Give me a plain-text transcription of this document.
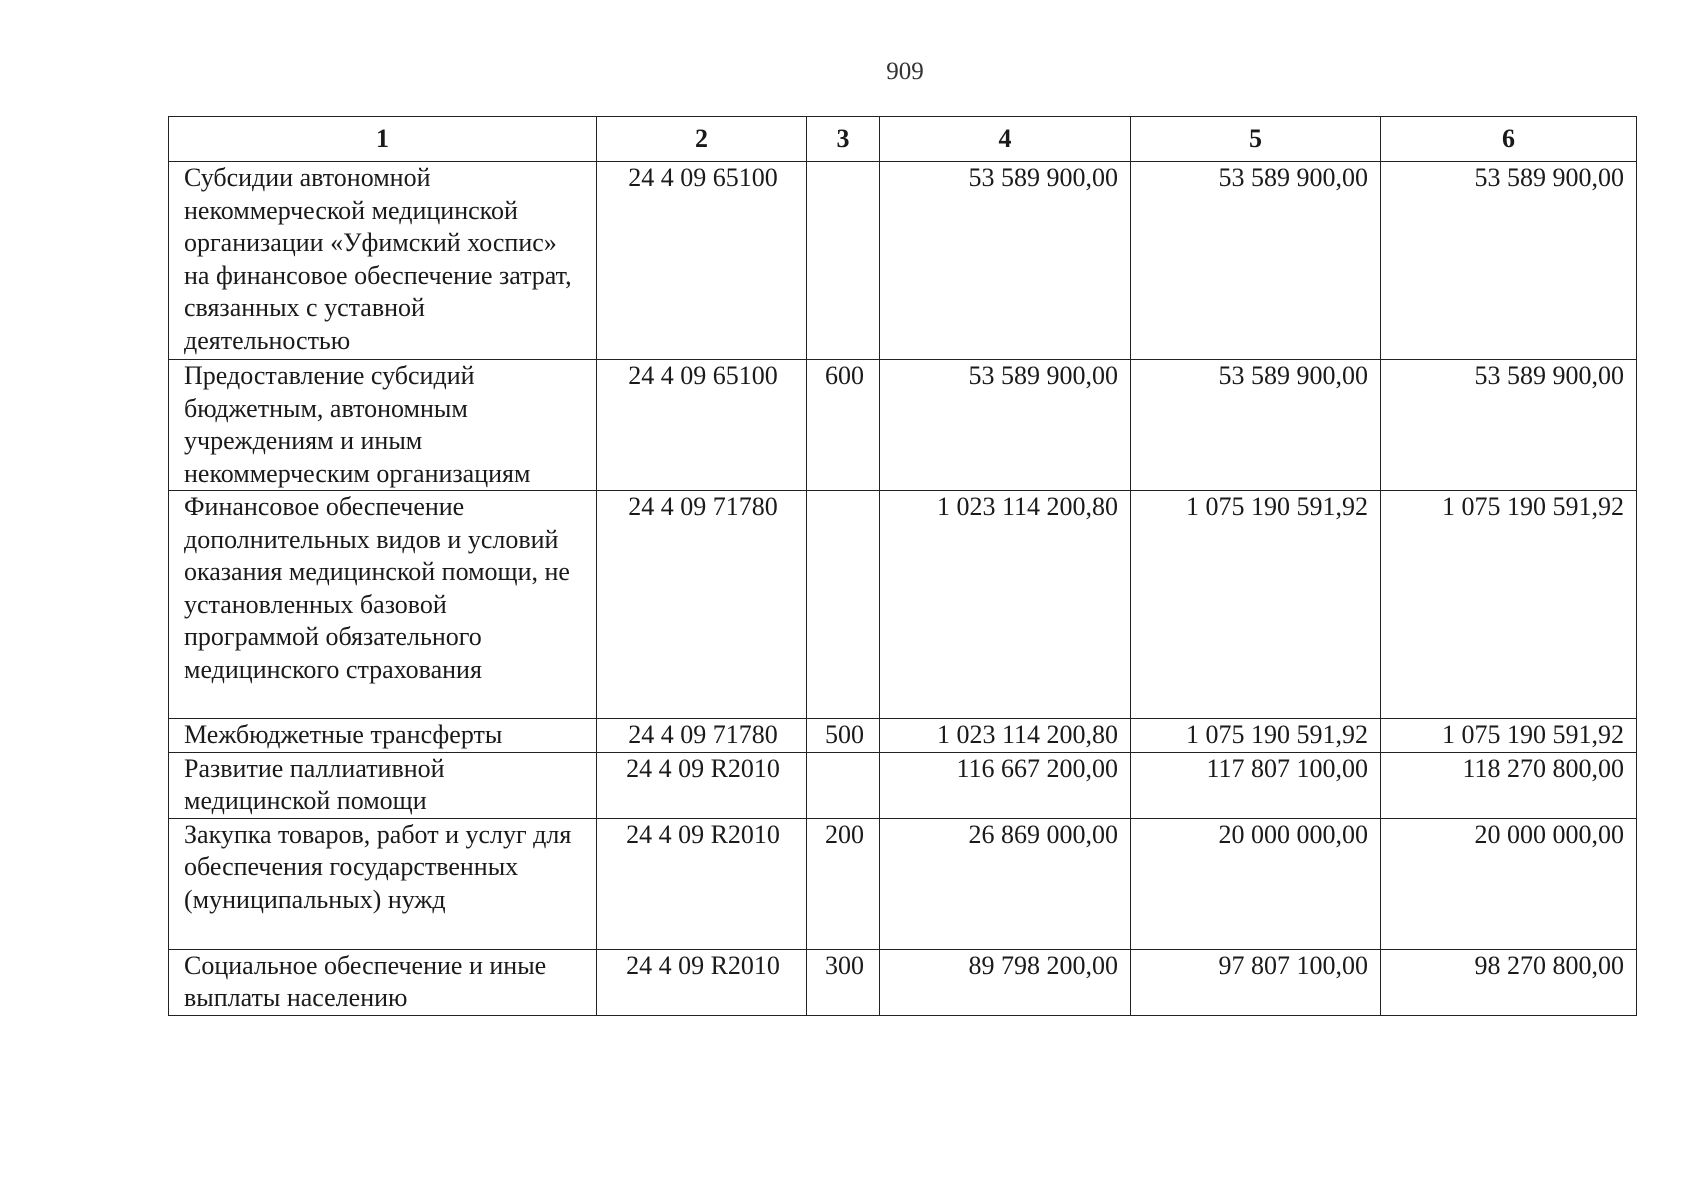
909
1	2	3	4	5	6
Субсидии автономной некоммерческой медицинской организации «Уфимский хоспис» на финансовое обеспечение затрат, связанных с уставной деятельностью	24 4 09 65100		53 589 900,00	53 589 900,00	53 589 900,00
Предоставление субсидий бюджетным, автономным учреждениям и иным некоммерческим организациям	24 4 09 65100	600	53 589 900,00	53 589 900,00	53 589 900,00
Финансовое обеспечение дополнительных видов и условий оказания медицинской помощи, не установленных базовой программой обязательного медицинского страхования	24 4 09 71780		1 023 114 200,80	1 075 190 591,92	1 075 190 591,92
Межбюджетные трансферты	24 4 09 71780	500	1 023 114 200,80	1 075 190 591,92	1 075 190 591,92
Развитие паллиативной медицинской помощи	24 4 09 R2010		116 667 200,00	117 807 100,00	118 270 800,00
Закупка товаров, работ и услуг для обеспечения государственных (муниципальных) нужд	24 4 09 R2010	200	26 869 000,00	20 000 000,00	20 000 000,00
Социальное обеспечение и иные выплаты населению	24 4 09 R2010	300	89 798 200,00	97 807 100,00	98 270 800,00
